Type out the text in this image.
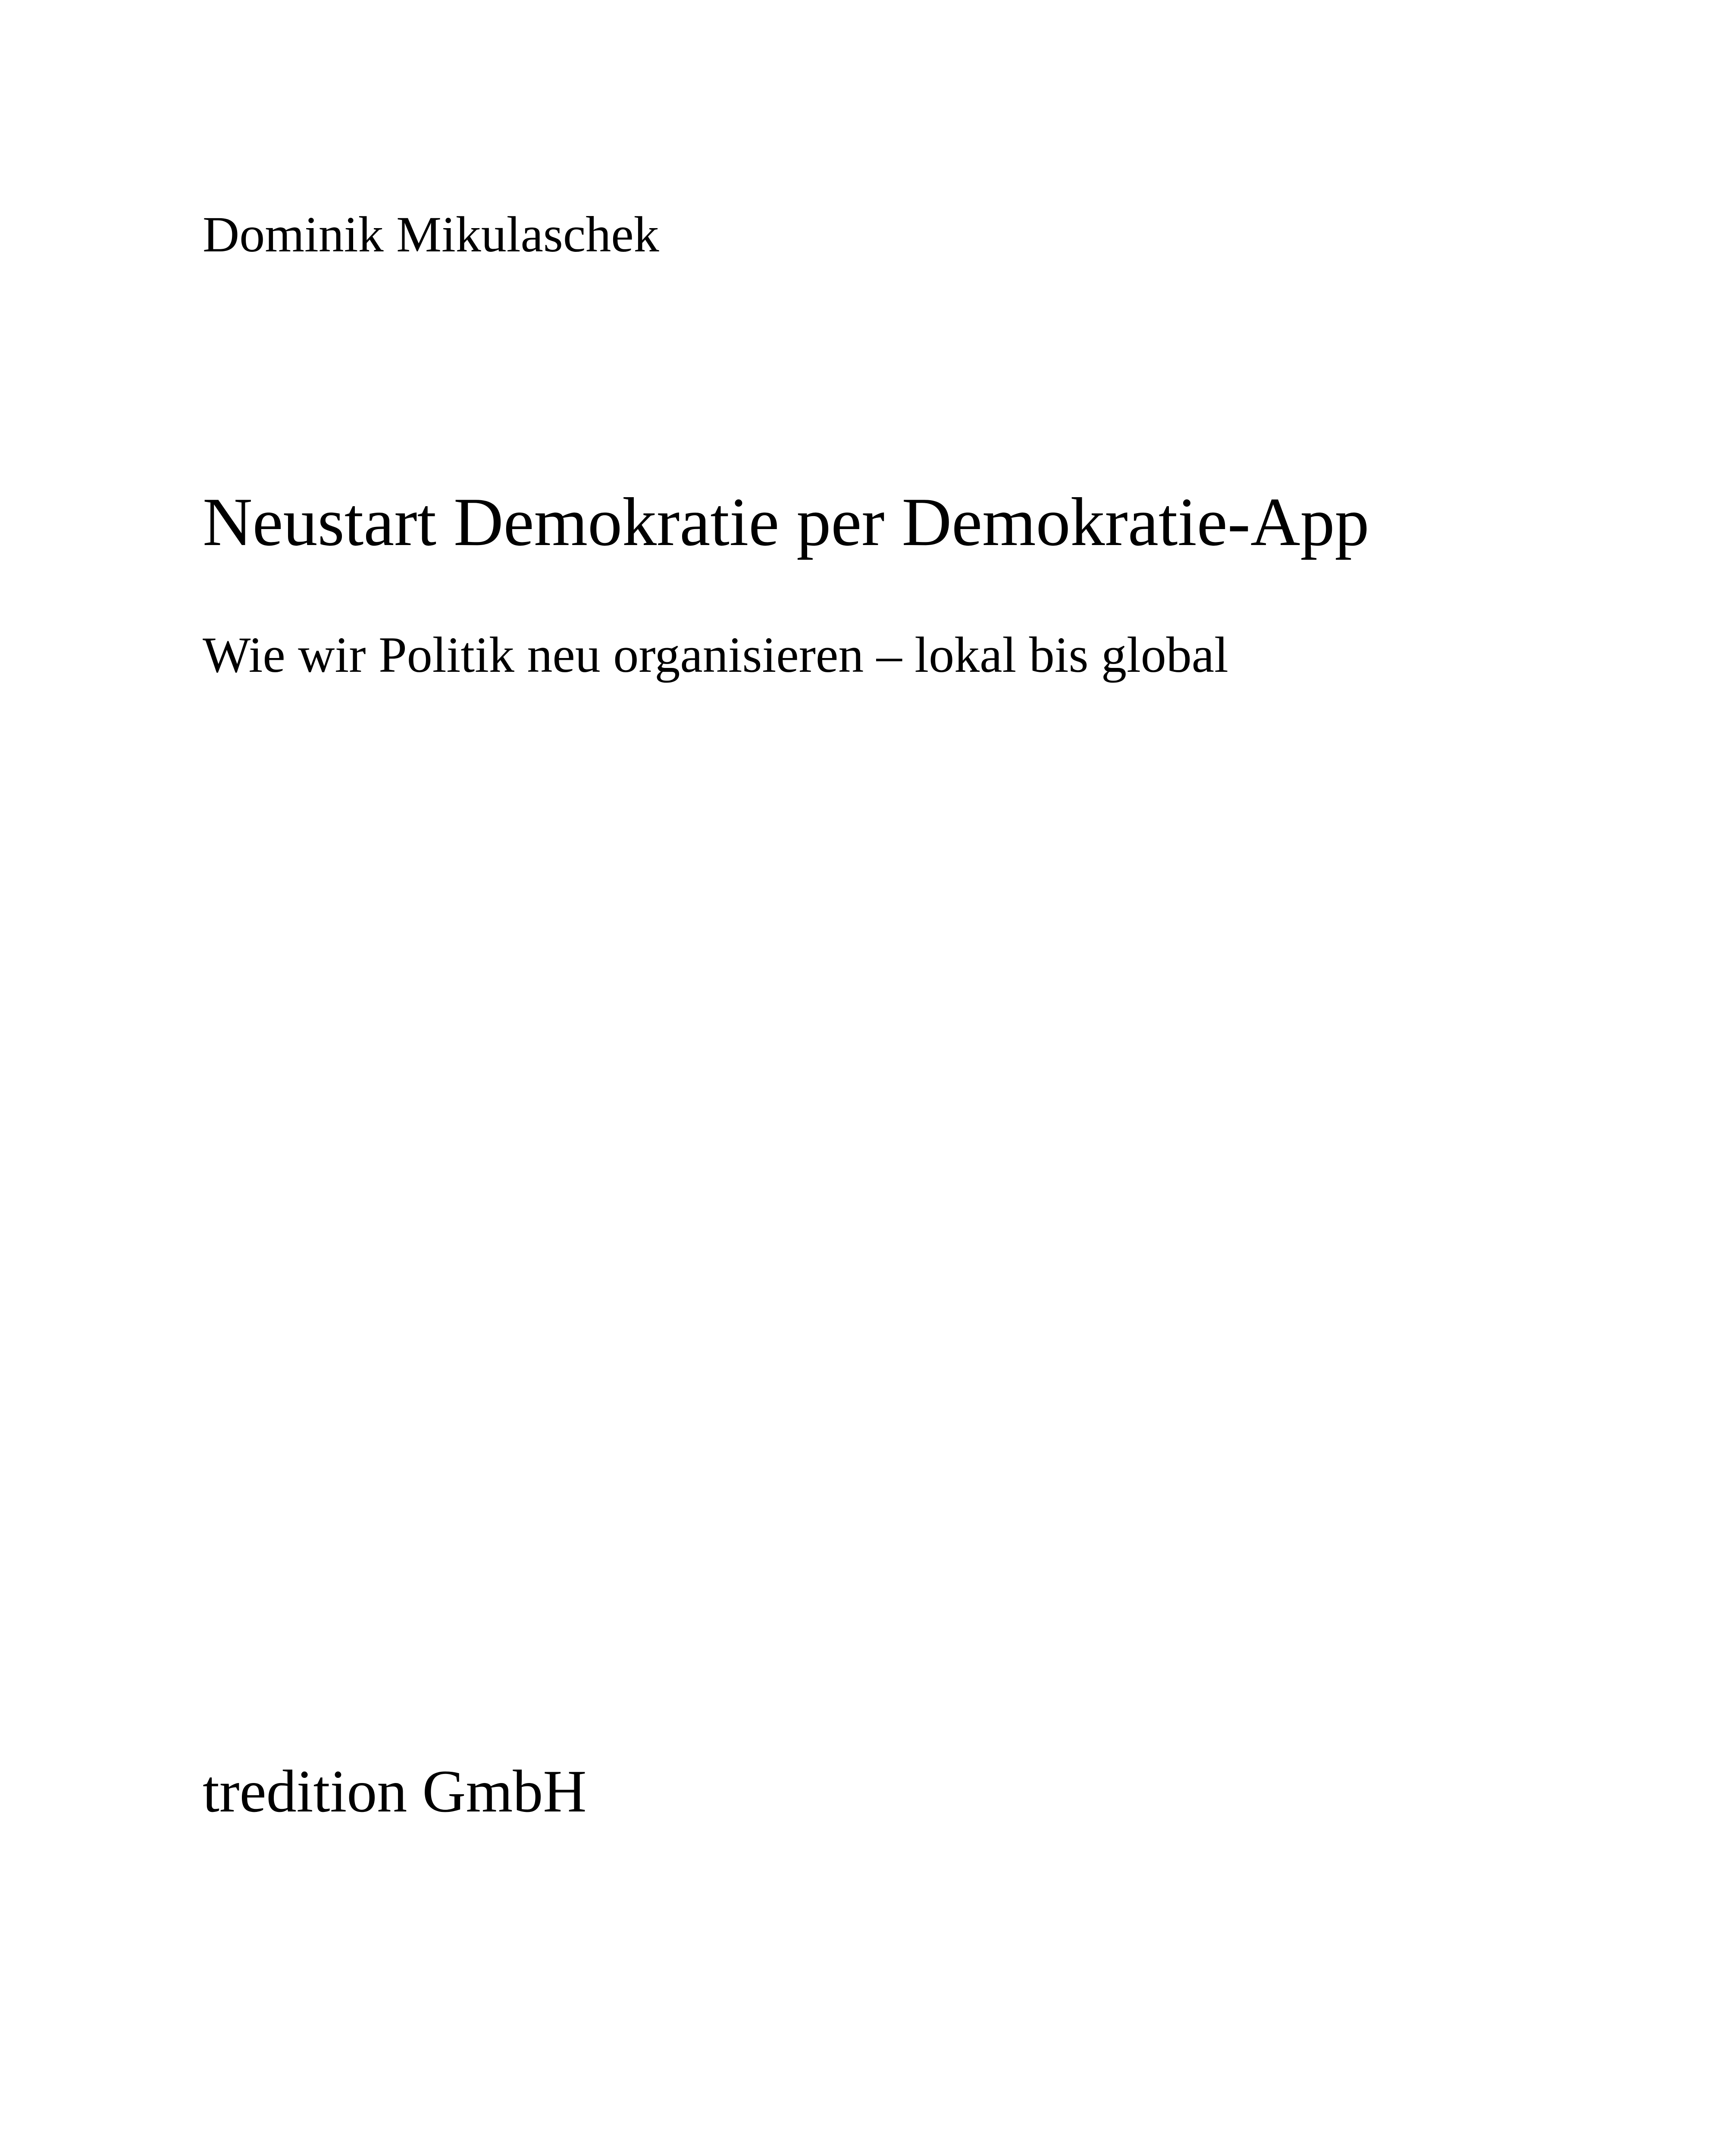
Dominik Mikulaschek
Neustart Demokratie per Demokratie-App
Wie wir Politik neu organisieren – lokal bis global
tredition GmbH
